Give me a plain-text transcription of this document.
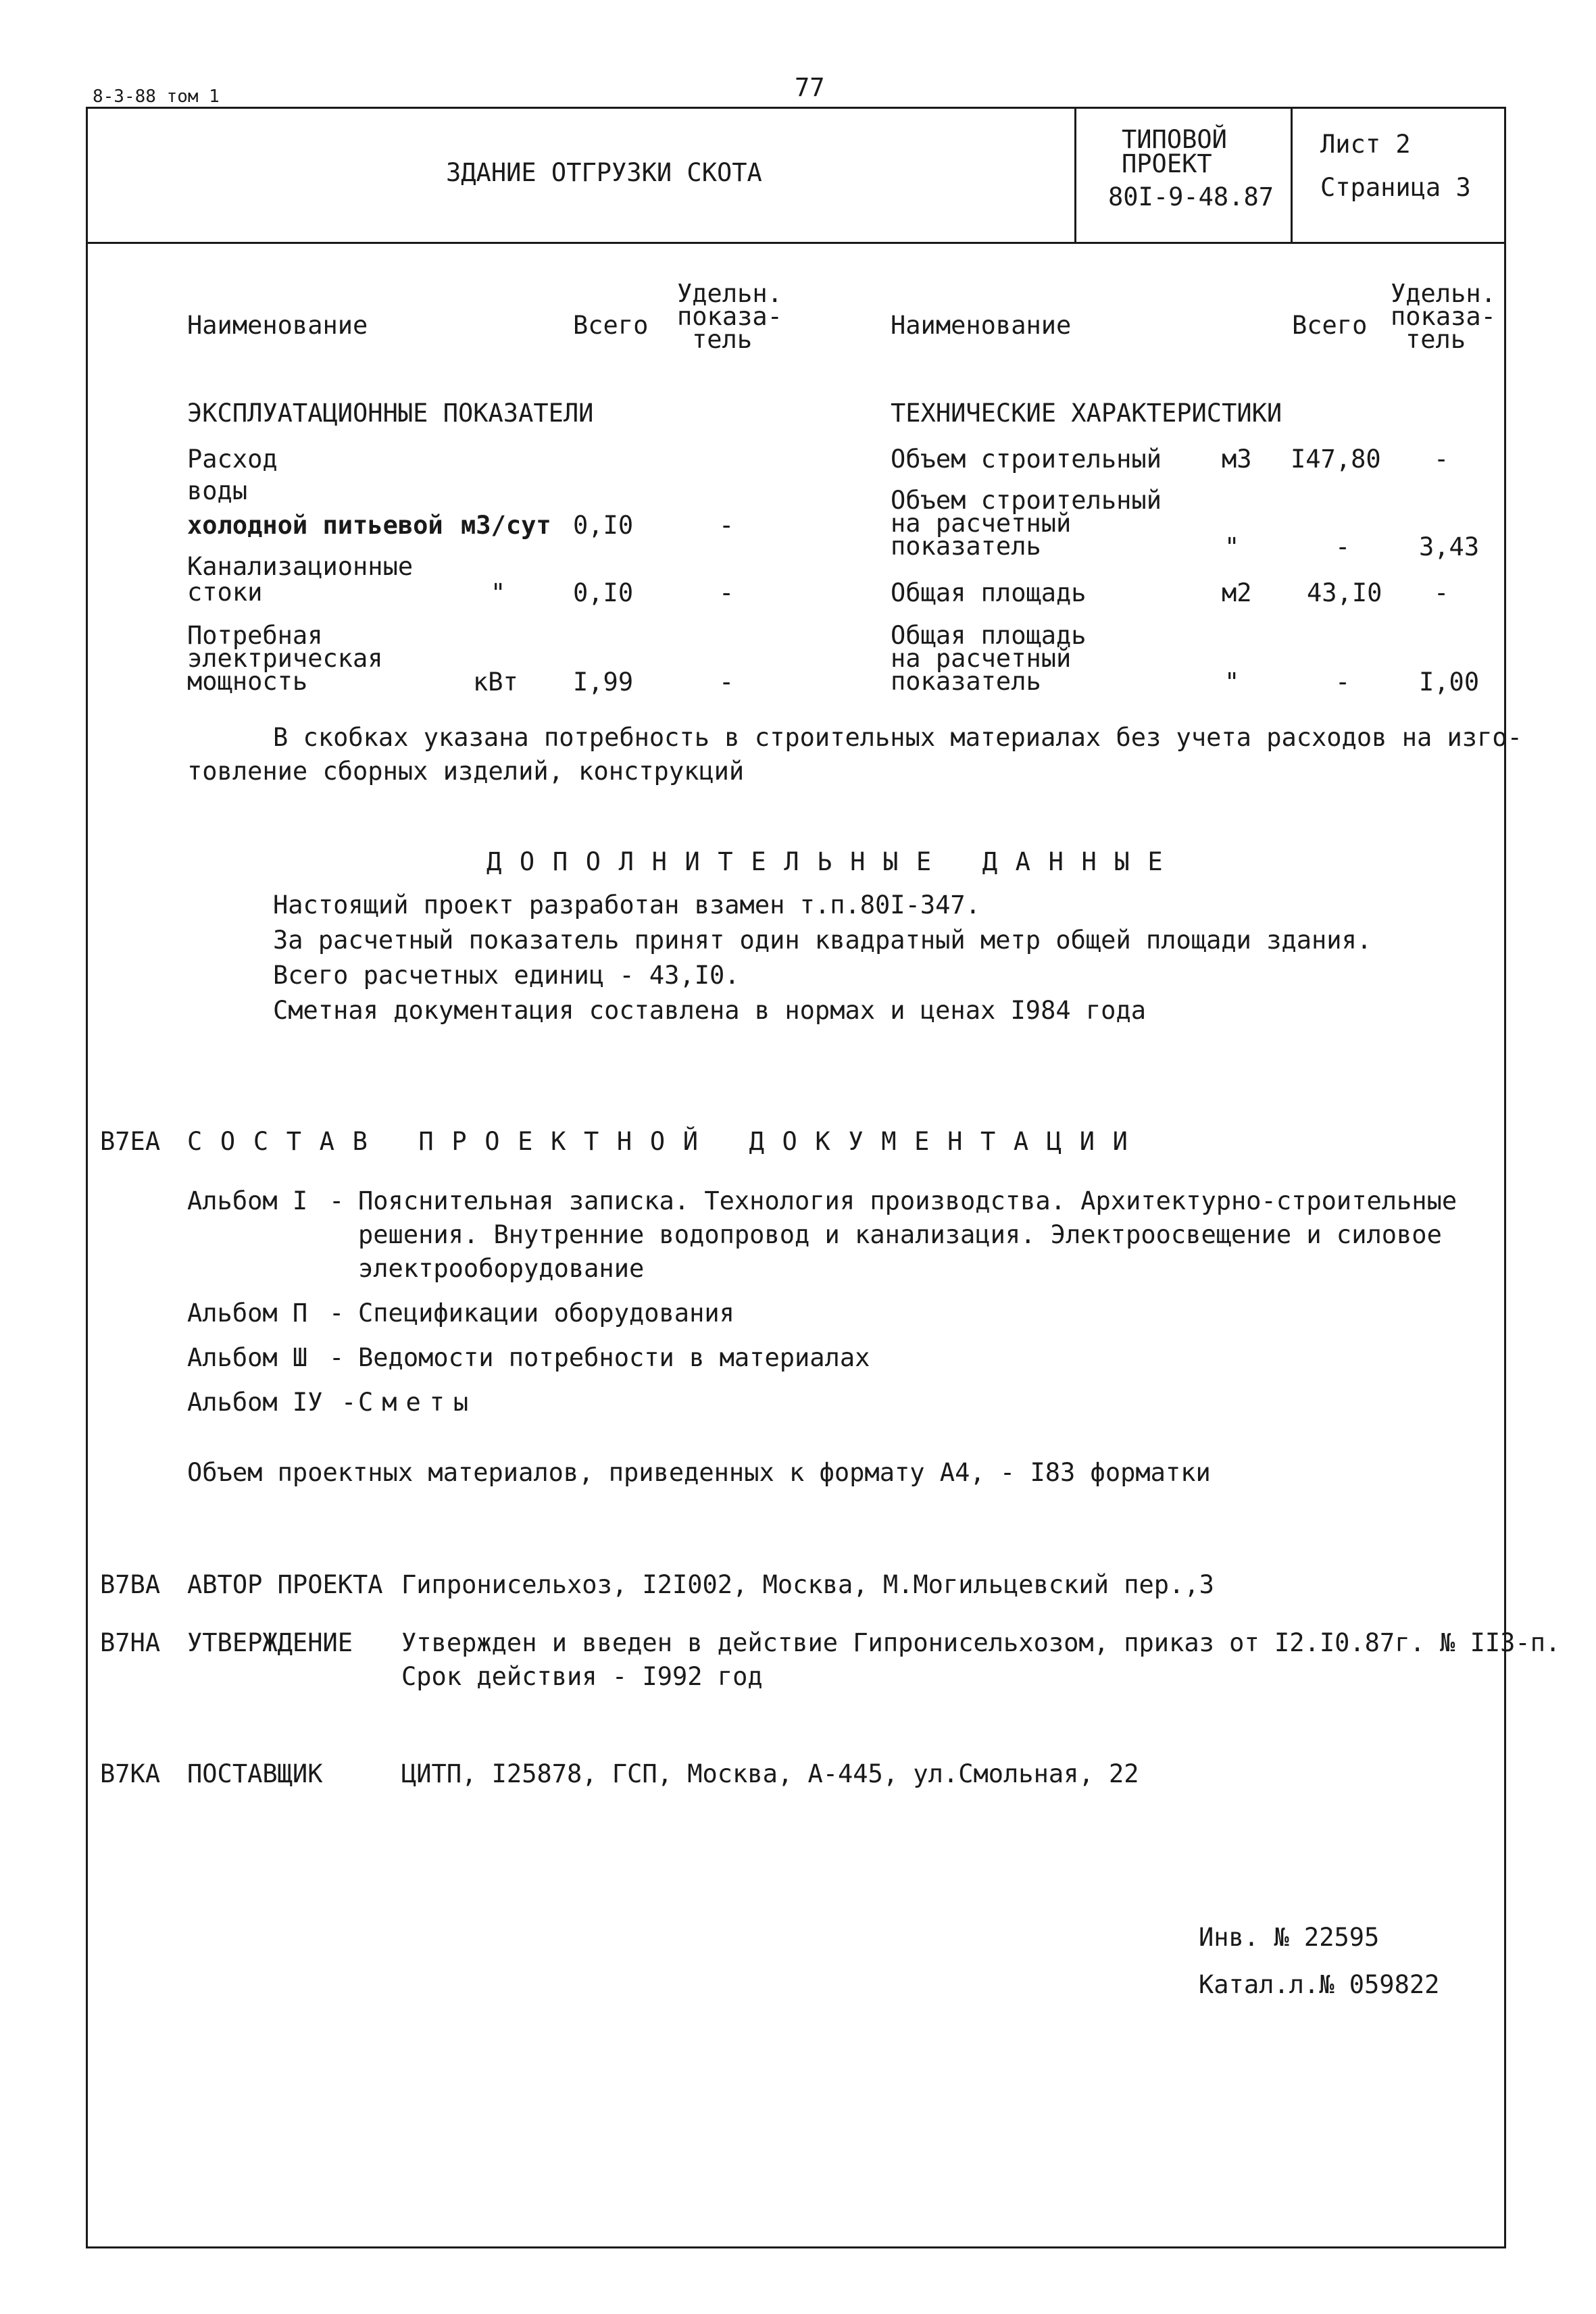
8-3-88 том 1	77
ЗДАНИЕ ОТГРУЗКИ СКОТА
ТИПОВОЙ
ПРОЕКТ
80I-9-48.87
Лист 2
Страница 3
Наименование	Всего
Удельн.
показа-
тель	Наименование	Всего
Удельн.
показа-
тель
ЭКСПЛУАТАЦИОННЫЕ ПОКАЗАТЕЛИ	ТЕХНИЧЕСКИЕ ХАРАКТЕРИСТИКИ
Расход
воды
холодной питьевой м3/сут 0,I0	-
Канализационные
стоки	"	0,I0	-
Потребная
электрическая
мощность	кВт I,99	-
Объем строительный м3 I47,80 -
Объем строительный
на расчетный
показатель	"	-	3,43
Общая площадь	м2 43,I0 -
Общая площадь
на расчетный
показатель	"	-	I,00
В скобках указана потребность в строительных материалах без учета расходов на изго-
товление сборных изделий, конструкций
ДОПОЛНИТЕЛЬНЫЕ ДАННЫЕ
Настоящий проект разработан взамен т.п.80I-347.
За расчетный показатель принят один квадратный метр общей площади здания.
Всего расчетных единиц - 43,I0.
Сметная документация составлена в нормах и ценах I984 года
В7ЕА СОСТАВ ПРОЕКТНОЙ ДОКУМЕНТАЦИИ
Альбом I - Пояснительная записка. Технология производства. Архитектурно-строительные
решения. Внутренние водопровод и канализация. Электроосвещение и силовое
электрооборудование
Альбом П - Спецификации оборудования
Альбом Ш - Ведомости потребности в материалах
Альбом IУ - Сметы
Объем проектных материалов, приведенных к формату А4, - I83 форматки
В7ВА АВТОР ПРОЕКТА Гипронисельхоз, I2I002, Москва, М.Могильцевский пер.,3
В7НА УТВЕРЖДЕНИЕ Утвержден и введен в действие Гипронисельхозом, приказ от I2.I0.87г. № II3-п.
Срок действия - I992 год
В7КА ПОСТАВЩИК	ЦИТП, I25878, ГСП, Москва, А-445, ул.Смольная, 22
Инв. № 22595
Катал.л.№ 059822
